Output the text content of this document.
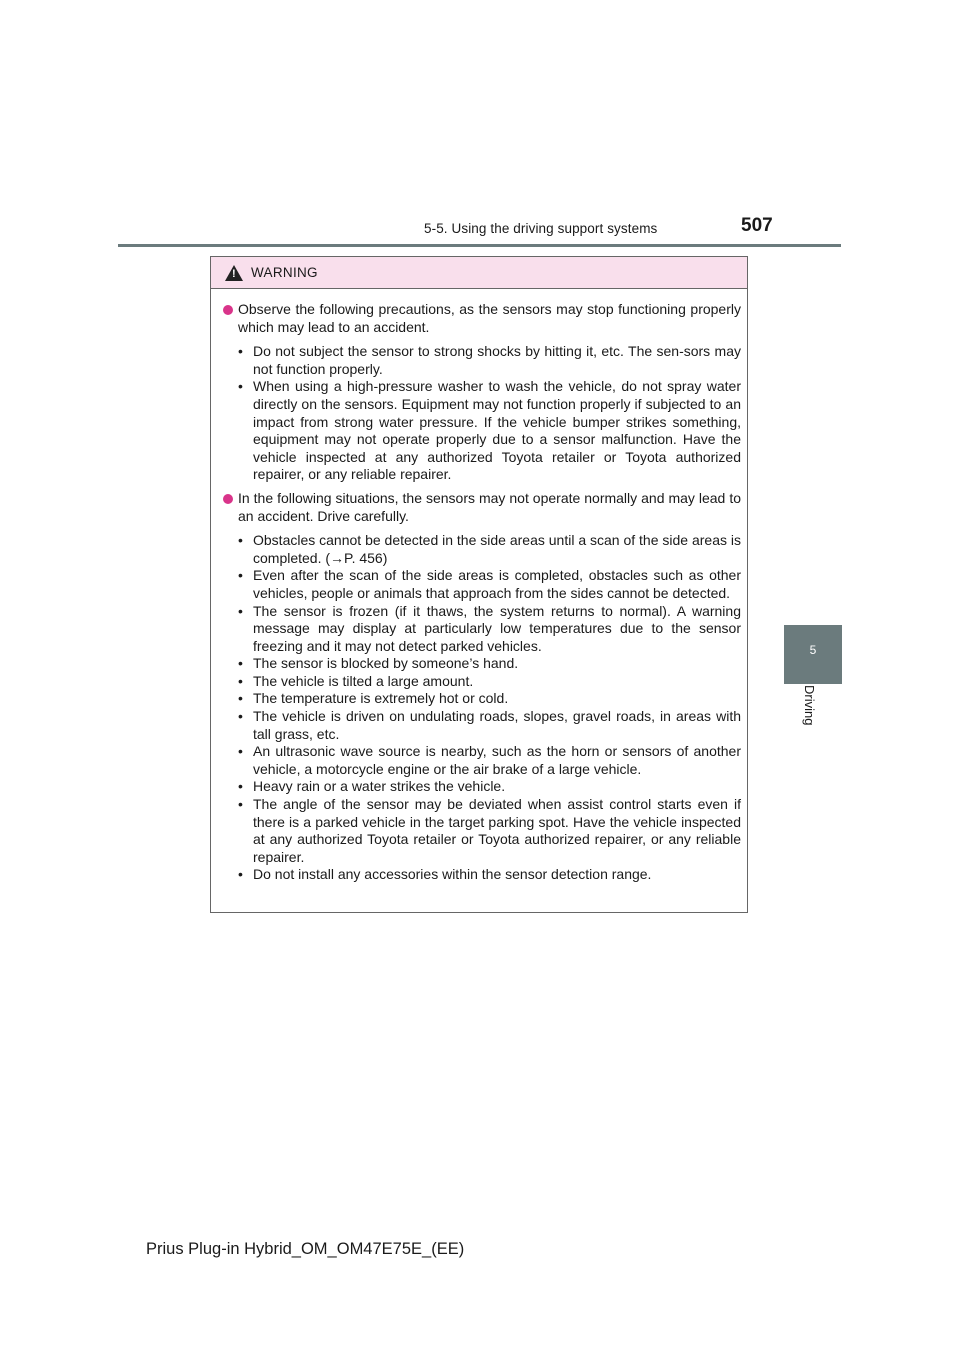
5-5. Using the driving support systems	507
5
Driving
!
WARNING
Observe the following precautions, as the sensors may stop functioning properly which may lead to an accident.
• Do not subject the sensor to strong shocks by hitting it, etc. The sen-sors may not function properly.
• When using a high-pressure washer to wash the vehicle, do not spray water directly on the sensors. Equipment may not function properly if subjected to an impact from strong water pressure. If the vehicle bumper strikes something, equipment may not operate properly due to a sensor malfunction. Have the vehicle inspected at any authorized Toyota retailer or Toyota authorized repairer, or any reliable repairer.
In the following situations, the sensors may not operate normally and may lead to an accident. Drive carefully.
• Obstacles cannot be detected in the side areas until a scan of the side areas is completed. (→P. 456)
• Even after the scan of the side areas is completed, obstacles such as other vehicles, people or animals that approach from the sides cannot be detected.
• The sensor is frozen (if it thaws, the system returns to normal). A warning message may display at particularly low temperatures due to the sensor freezing and it may not detect parked vehicles.
• The sensor is blocked by someone’s hand.
• The vehicle is tilted a large amount.
• The temperature is extremely hot or cold.
• The vehicle is driven on undulating roads, slopes, gravel roads, in areas with tall grass, etc.
• An ultrasonic wave source is nearby, such as the horn or sensors of another vehicle, a motorcycle engine or the air brake of a large vehicle.
• Heavy rain or a water strikes the vehicle.
• The angle of the sensor may be deviated when assist control starts even if there is a parked vehicle in the target parking spot. Have the vehicle inspected at any authorized Toyota retailer or Toyota authorized repairer, or any reliable repairer.
• Do not install any accessories within the sensor detection range.
Prius Plug-in Hybrid_OM_OM47E75E_(EE)
